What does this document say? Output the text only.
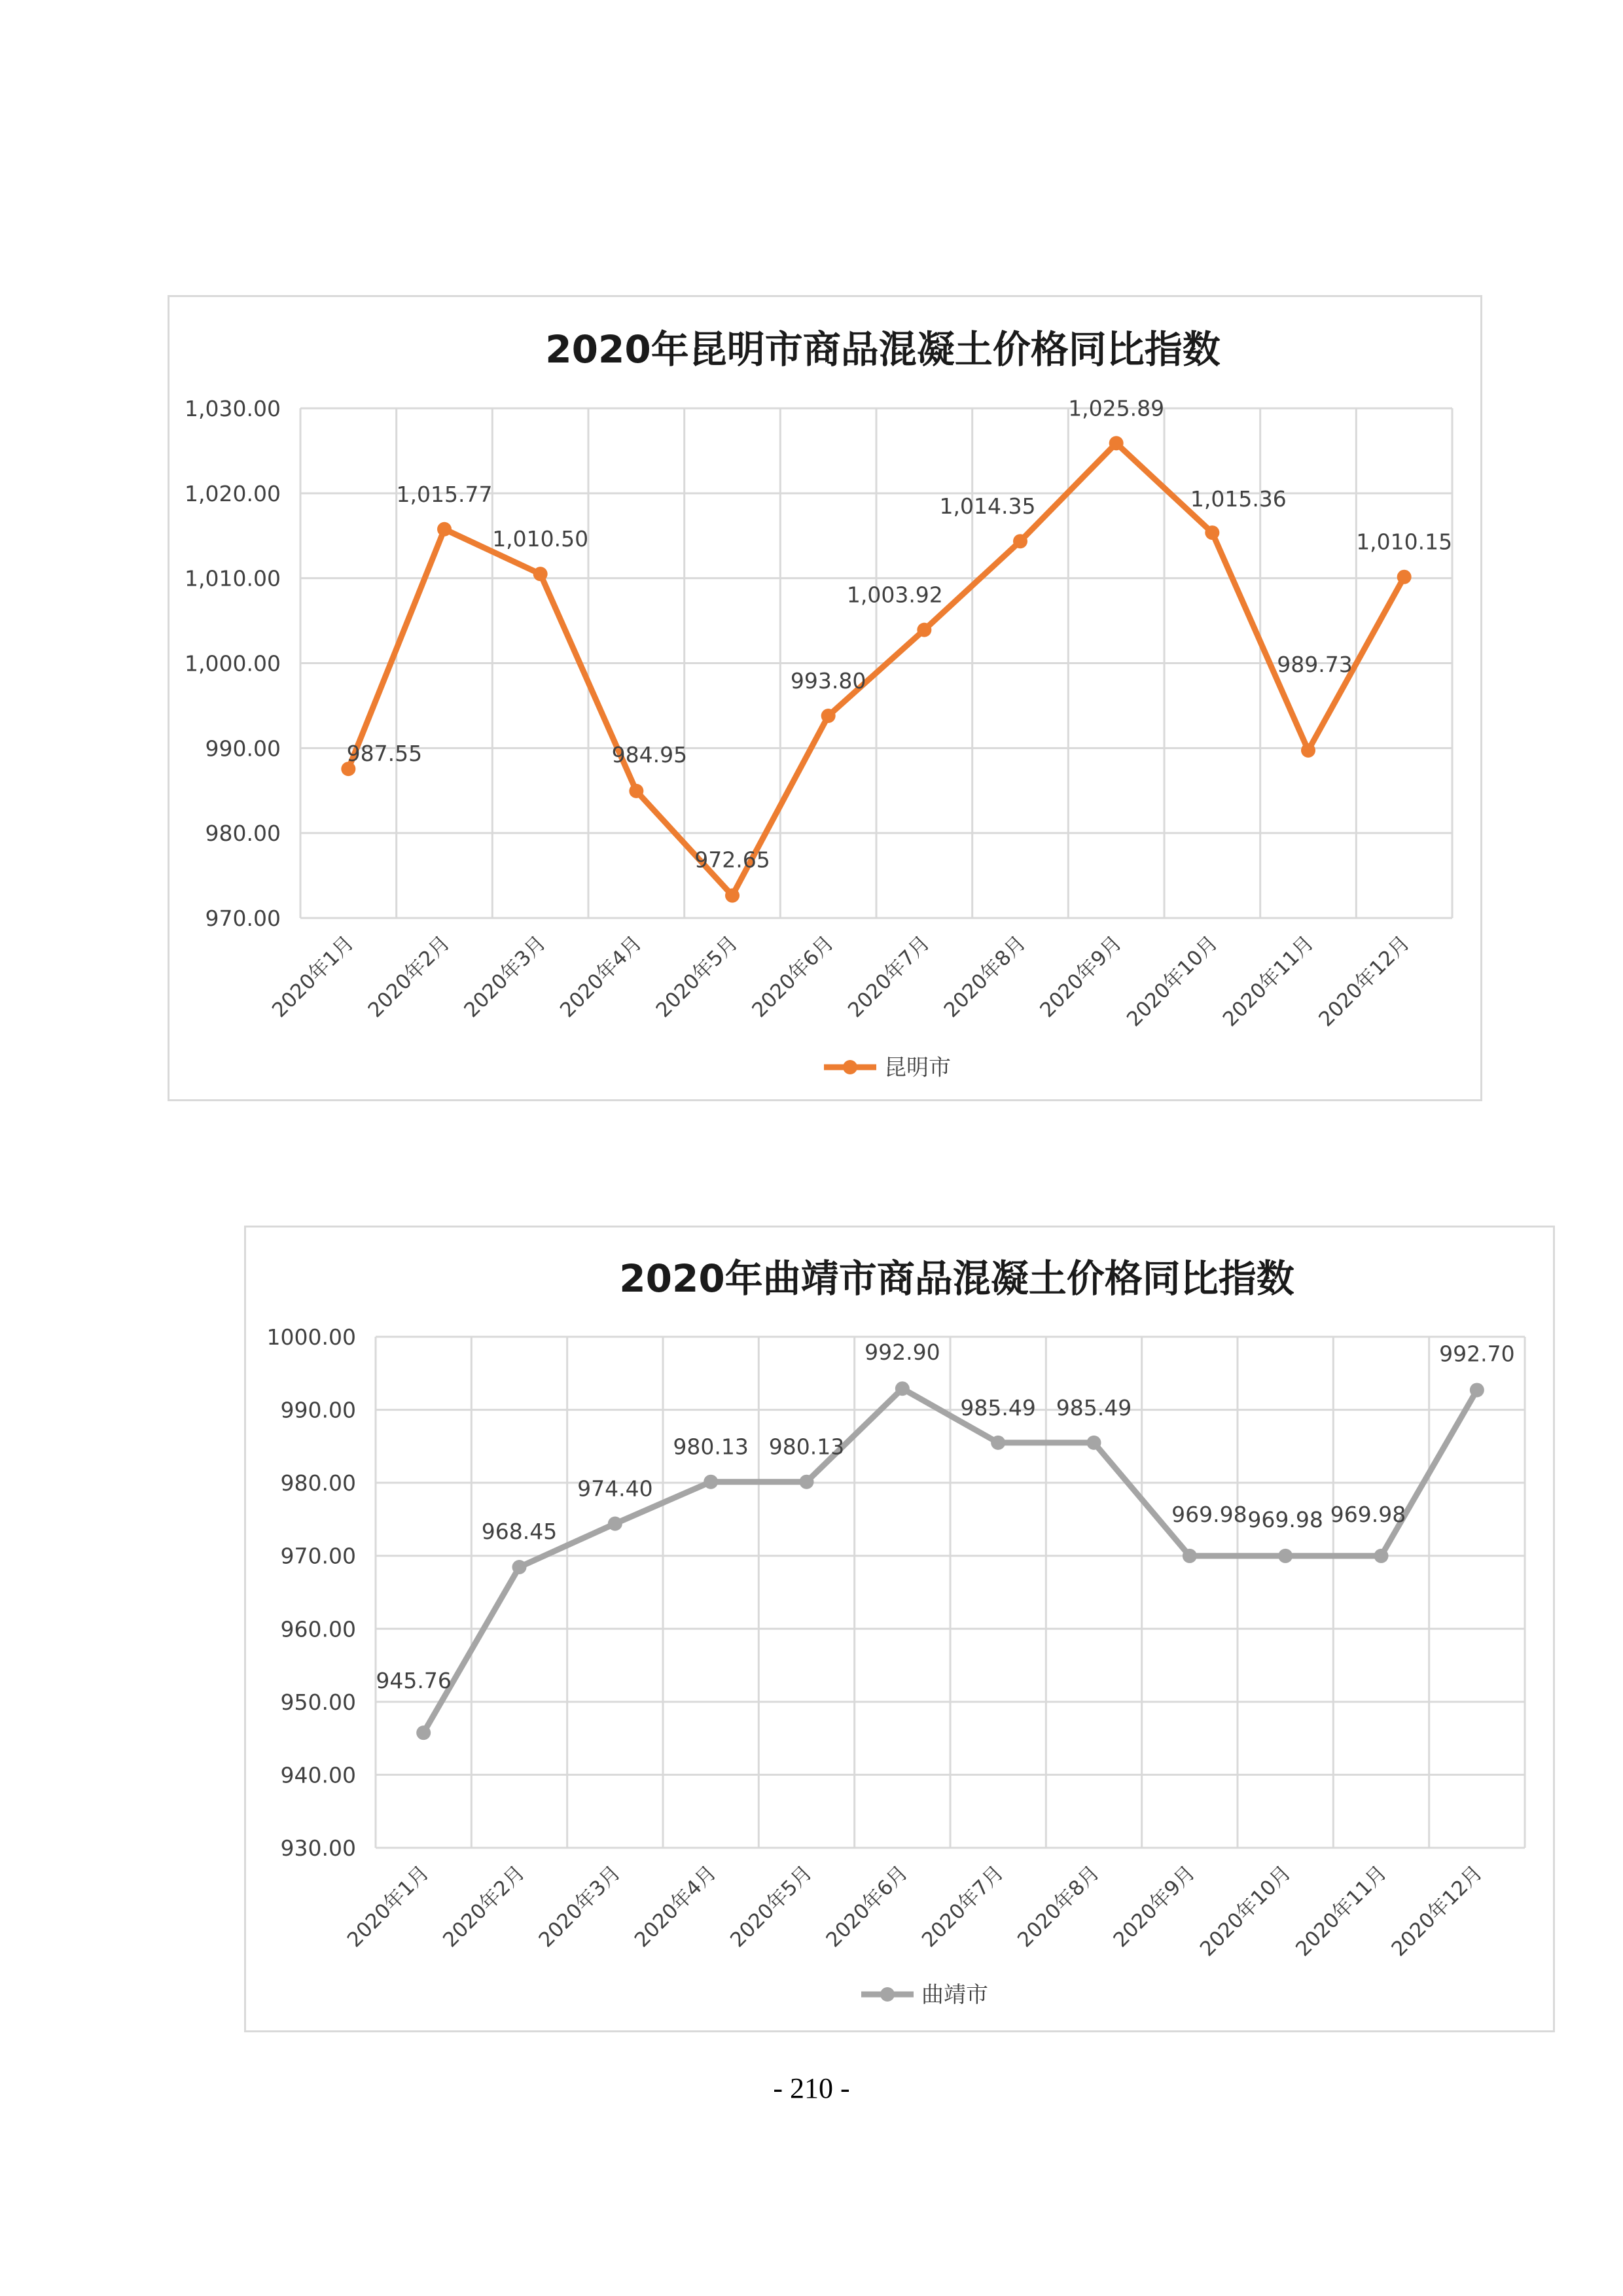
2020年昆明市商品混凝土价格同比指数
970.00
980.00
990.00
1,000.00
1,010.00
1,020.00
1,030.00
2020年1月 2020年2月 2020年3月 2020年4月 2020年5月 2020年6月 2020年7月 2020年8月 2020年9月
2020年10月
2020年11月
2020年12月
987.55
1,015.77
1,010.50
984.95
972.65
993.80
1,003.92
1,014.35
1,025.89
1,015.36
989.73
1,010.15
昆明市
2020年曲靖市商品混凝土价格同比指数
930.00
940.00
950.00
960.00
970.00
980.00
990.00
1000.00
2020年1月 2020年2月 2020年3月 2020年4月 2020年5月 2020年6月 2020年7月 2020年8月 2020年9月
2020年10月
2020年11月
2020年12月
945.76
968.45
974.40
980.13 980.13
992.90
985.49 985.49
969.98 969.98 969.98
992.70
曲靖市
- 210 -
